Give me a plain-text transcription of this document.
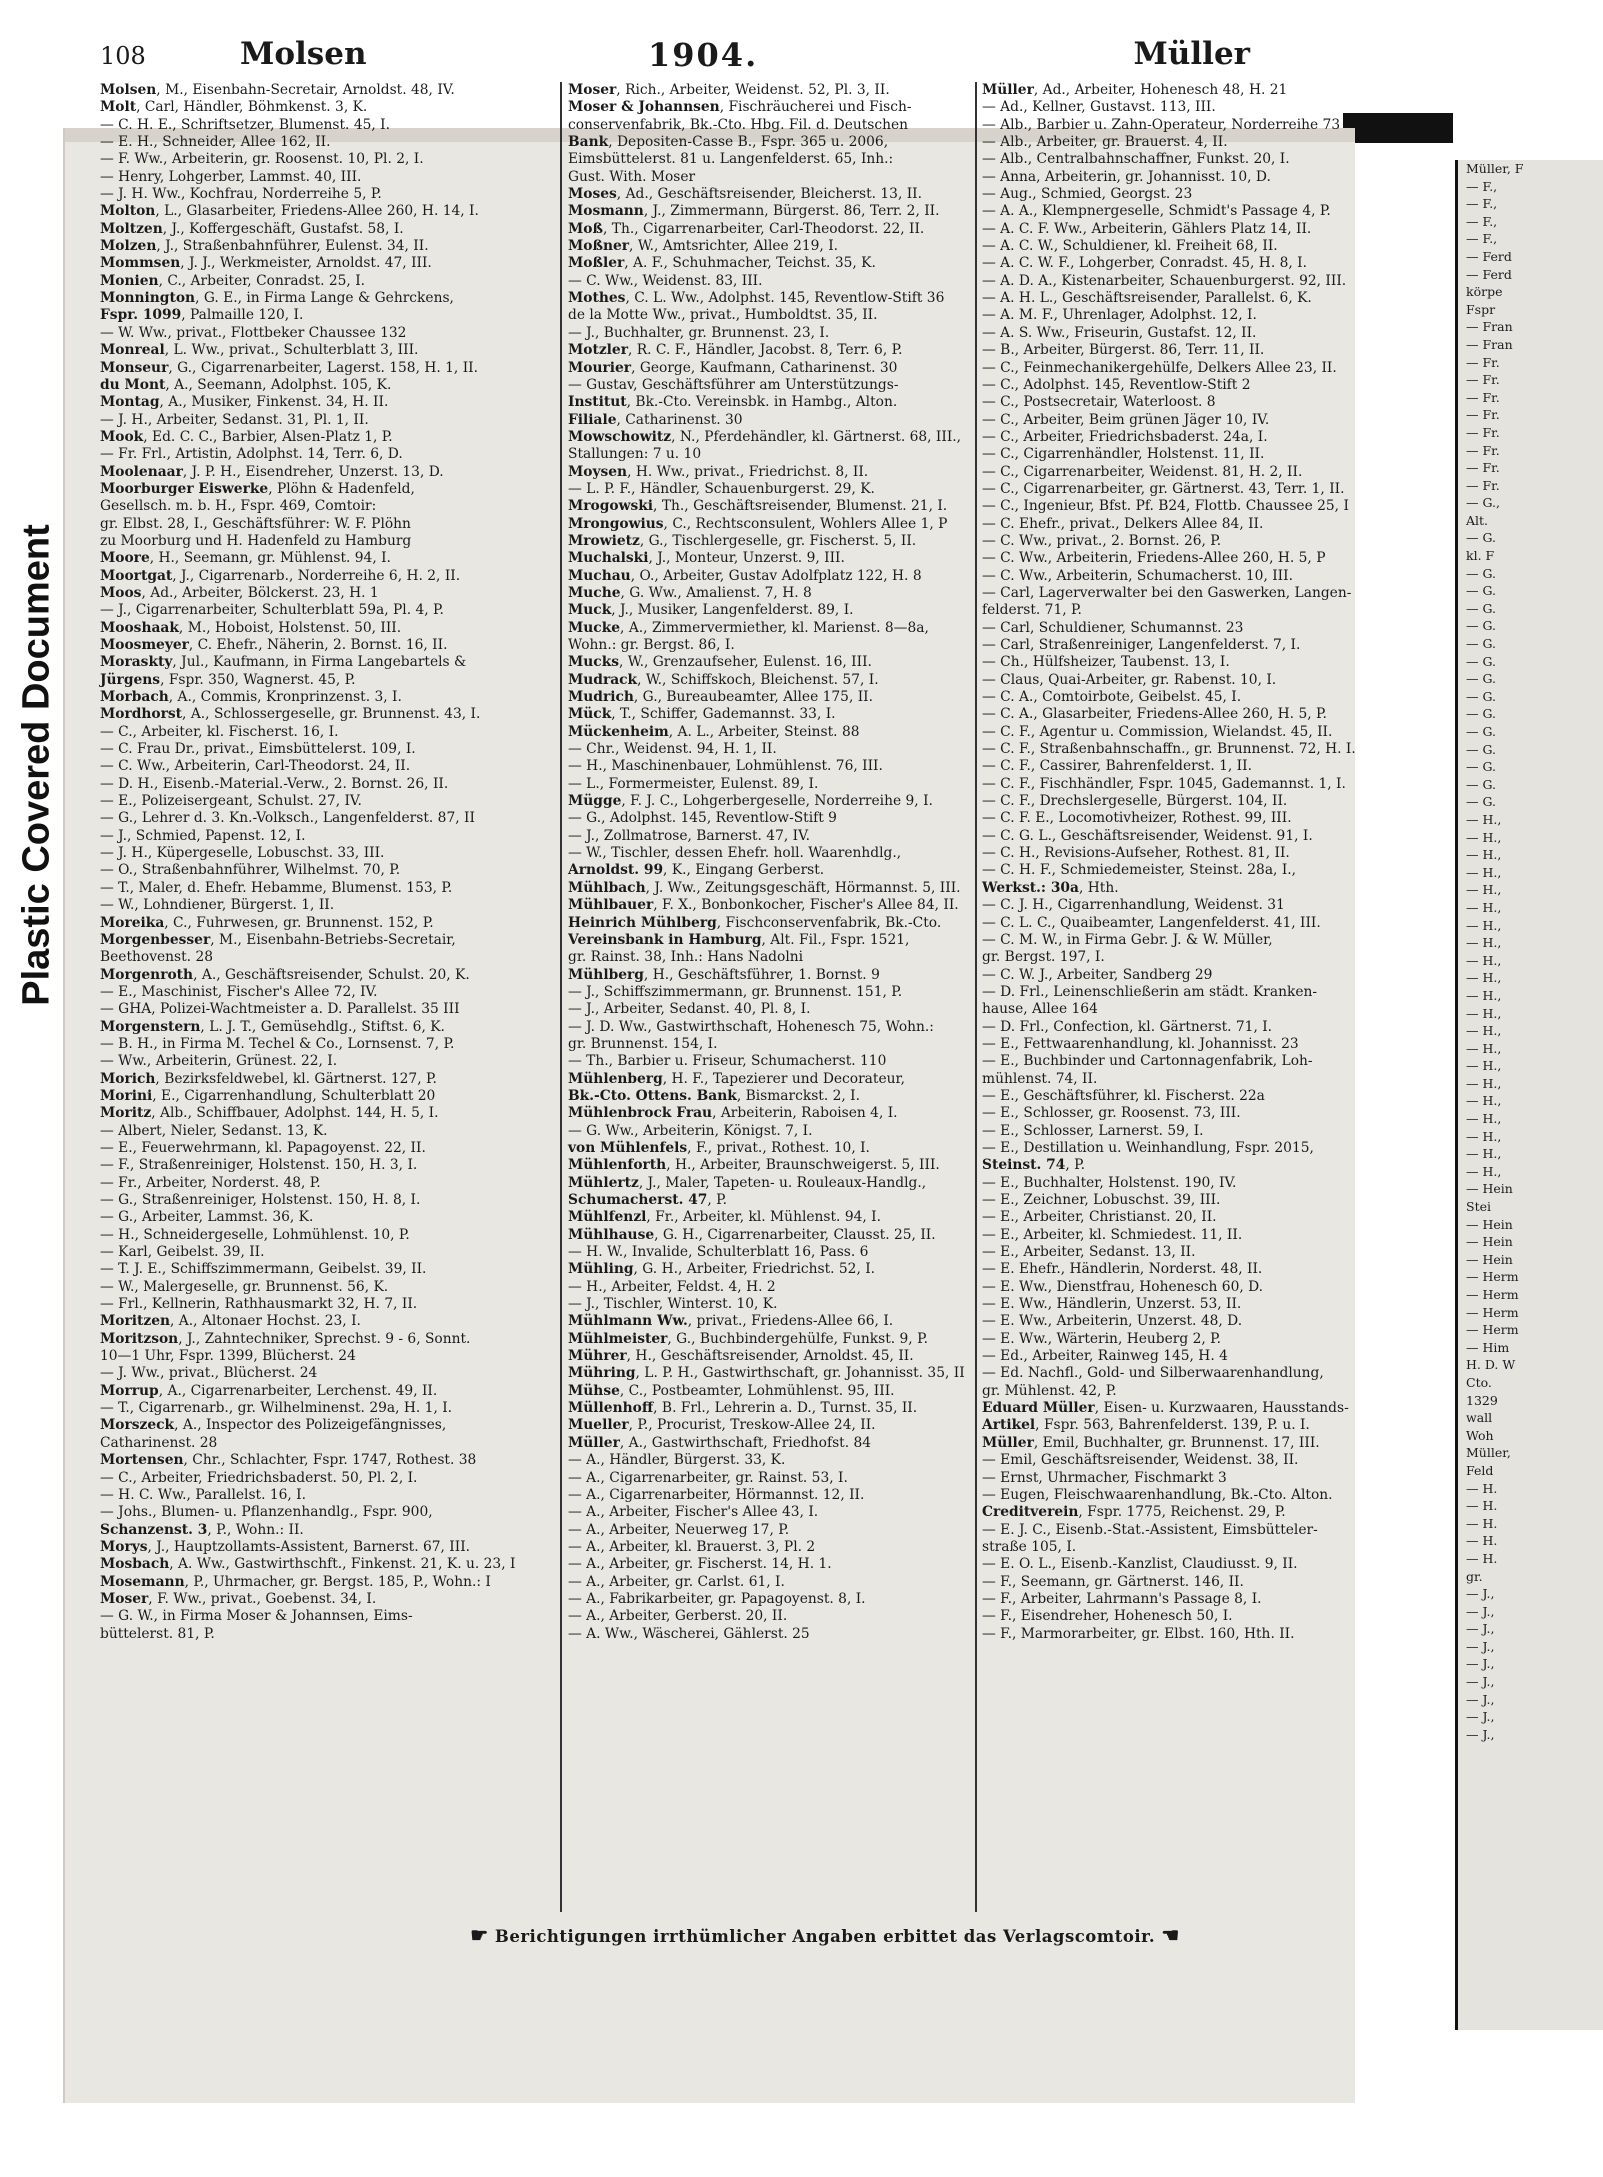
Plastic Covered Document
108	Molsen	1904.	Müller
Molsen, M., Eisenbahn-Secretair, Arnoldst. 48, IV.
Molt, Carl, Händler, Böhmkenst. 3, K.
— C. H. E., Schriftsetzer, Blumenst. 45, I.
— E. H., Schneider, Allee 162, II.
— F. Ww., Arbeiterin, gr. Roosenst. 10, Pl. 2, I.
— Henry, Lohgerber, Lammst. 40, III.
— J. H. Ww., Kochfrau, Norderreihe 5, P.
Molton, L., Glasarbeiter, Friedens-Allee 260, H. 14, I.
Moltzen, J., Koffergeschäft, Gustafst. 58, I.
Molzen, J., Straßenbahnführer, Eulenst. 34, II.
Mommsen, J. J., Werkmeister, Arnoldst. 47, III.
Monien, C., Arbeiter, Conradst. 25, I.
Monnington, G. E., in Firma Lange & Gehrckens,
Fspr. 1099, Palmaille 120, I.
— W. Ww., privat., Flottbeker Chaussee 132
Monreal, L. Ww., privat., Schulterblatt 3, III.
Monseur, G., Cigarrenarbeiter, Lagerst. 158, H. 1, II.
du Mont, A., Seemann, Adolphst. 105, K.
Montag, A., Musiker, Finkenst. 34, H. II.
— J. H., Arbeiter, Sedanst. 31, Pl. 1, II.
Mook, Ed. C. C., Barbier, Alsen-Platz 1, P.
— Fr. Frl., Artistin, Adolphst. 14, Terr. 6, D.
Moolenaar, J. P. H., Eisendreher, Unzerst. 13, D.
Moorburger Eiswerke, Plöhn & Hadenfeld,
Gesellsch. m. b. H., Fspr. 469, Comtoir:
gr. Elbst. 28, I., Geschäftsführer: W. F. Plöhn
zu Moorburg und H. Hadenfeld zu Hamburg
Moore, H., Seemann, gr. Mühlenst. 94, I.
Moortgat, J., Cigarrenarb., Norderreihe 6, H. 2, II.
Moos, Ad., Arbeiter, Bölckerst. 23, H. 1
— J., Cigarrenarbeiter, Schulterblatt 59a, Pl. 4, P.
Mooshaak, M., Hoboist, Holstenst. 50, III.
Moosmeyer, C. Ehefr., Näherin, 2. Bornst. 16, II.
Moraskty, Jul., Kaufmann, in Firma Langebartels &
Jürgens, Fspr. 350, Wagnerst. 45, P.
Morbach, A., Commis, Kronprinzenst. 3, I.
Mordhorst, A., Schlossergeselle, gr. Brunnenst. 43, I.
— C., Arbeiter, kl. Fischerst. 16, I.
— C. Frau Dr., privat., Eimsbüttelerst. 109, I.
— C. Ww., Arbeiterin, Carl-Theodorst. 24, II.
— D. H., Eisenb.-Material.-Verw., 2. Bornst. 26, II.
— E., Polizeisergeant, Schulst. 27, IV.
— G., Lehrer d. 3. Kn.-Volksch., Langenfelderst. 87, II
— J., Schmied, Papenst. 12, I.
— J. H., Küpergeselle, Lobuschst. 33, III.
— O., Straßenbahnführer, Wilhelmst. 70, P.
— T., Maler, d. Ehefr. Hebamme, Blumenst. 153, P.
— W., Lohndiener, Bürgerst. 1, II.
Moreika, C., Fuhrwesen, gr. Brunnenst. 152, P.
Morgenbesser, M., Eisenbahn-Betriebs-Secretair,
Beethovenst. 28
Morgenroth, A., Geschäftsreisender, Schulst. 20, K.
— E., Maschinist, Fischer's Allee 72, IV.
— GHA, Polizei-Wachtmeister a. D. Parallelst. 35 III
Morgenstern, L. J. T., Gemüsehdlg., Stiftst. 6, K.
— B. H., in Firma M. Techel & Co., Lornsenst. 7, P.
— Ww., Arbeiterin, Grünest. 22, I.
Morich, Bezirksfeldwebel, kl. Gärtnerst. 127, P.
Morini, E., Cigarrenhandlung, Schulterblatt 20
Moritz, Alb., Schiffbauer, Adolphst. 144, H. 5, I.
— Albert, Nieler, Sedanst. 13, K.
— E., Feuerwehrmann, kl. Papagoyenst. 22, II.
— F., Straßenreiniger, Holstenst. 150, H. 3, I.
— Fr., Arbeiter, Norderst. 48, P.
— G., Straßenreiniger, Holstenst. 150, H. 8, I.
— G., Arbeiter, Lammst. 36, K.
— H., Schneidergeselle, Lohmühlenst. 10, P.
— Karl, Geibelst. 39, II.
— T. J. E., Schiffszimmermann, Geibelst. 39, II.
— W., Malergeselle, gr. Brunnenst. 56, K.
— Frl., Kellnerin, Rathhausmarkt 32, H. 7, II.
Moritzen, A., Altonaer Hochst. 23, I.
Moritzson, J., Zahntechniker, Sprechst. 9 - 6, Sonnt.
10—1 Uhr, Fspr. 1399, Blücherst. 24
— J. Ww., privat., Blücherst. 24
Morrup, A., Cigarrenarbeiter, Lerchenst. 49, II.
— T., Cigarrenarb., gr. Wilhelminenst. 29a, H. 1, I.
Morszeck, A., Inspector des Polizeigefängnisses,
Catharinenst. 28
Mortensen, Chr., Schlachter, Fspr. 1747, Rothest. 38
— C., Arbeiter, Friedrichsbaderst. 50, Pl. 2, I.
— H. C. Ww., Parallelst. 16, I.
— Johs., Blumen- u. Pflanzenhandlg., Fspr. 900,
Schanzenst. 3, P., Wohn.: II.
Morys, J., Hauptzollamts-Assistent, Barnerst. 67, III.
Mosbach, A. Ww., Gastwirthschft., Finkenst. 21, K. u. 23, I
Mosemann, P., Uhrmacher, gr. Bergst. 185, P., Wohn.: I
Moser, F. Ww., privat., Goebenst. 34, I.
— G. W., in Firma Moser & Johannsen, Eims-
büttelerst. 81, P.
Moser, Rich., Arbeiter, Weidenst. 52, Pl. 3, II.
Moser & Johannsen, Fischräucherei und Fisch-
conservenfabrik, Bk.-Cto. Hbg. Fil. d. Deutschen
Bank, Depositen-Casse B., Fspr. 365 u. 2006,
Eimsbüttelerst. 81 u. Langenfelderst. 65, Inh.:
Gust. With. Moser
Moses, Ad., Geschäftsreisender, Bleicherst. 13, II.
Mosmann, J., Zimmermann, Bürgerst. 86, Terr. 2, II.
Moß, Th., Cigarrenarbeiter, Carl-Theodorst. 22, II.
Moßner, W., Amtsrichter, Allee 219, I.
Moßler, A. F., Schuhmacher, Teichst. 35, K.
— C. Ww., Weidenst. 83, III.
Mothes, C. L. Ww., Adolphst. 145, Reventlow-Stift 36
de la Motte Ww., privat., Humboldtst. 35, II.
— J., Buchhalter, gr. Brunnenst. 23, I.
Motzler, R. C. F., Händler, Jacobst. 8, Terr. 6, P.
Mourier, George, Kaufmann, Catharinenst. 30
— Gustav, Geschäftsführer am Unterstützungs-
Institut, Bk.-Cto. Vereinsbk. in Hambg., Alton.
Filiale, Catharinenst. 30
Mowschowitz, N., Pferdehändler, kl. Gärtnerst. 68, III.,
Stallungen: 7 u. 10
Moysen, H. Ww., privat., Friedrichst. 8, II.
— L. P. F., Händler, Schauenburgerst. 29, K.
Mrogowski, Th., Geschäftsreisender, Blumenst. 21, I.
Mrongowius, C., Rechtsconsulent, Wohlers Allee 1, P
Mrowietz, G., Tischlergeselle, gr. Fischerst. 5, II.
Muchalski, J., Monteur, Unzerst. 9, III.
Muchau, O., Arbeiter, Gustav Adolfplatz 122, H. 8
Muche, G. Ww., Amalienst. 7, H. 8
Muck, J., Musiker, Langenfelderst. 89, I.
Mucke, A., Zimmervermiether, kl. Marienst. 8—8a,
Wohn.: gr. Bergst. 86, I.
Mucks, W., Grenzaufseher, Eulenst. 16, III.
Mudrack, W., Schiffskoch, Bleichenst. 57, I.
Mudrich, G., Bureaubeamter, Allee 175, II.
Mück, T., Schiffer, Gademannst. 33, I.
Mückenheim, A. L., Arbeiter, Steinst. 88
— Chr., Weidenst. 94, H. 1, II.
— H., Maschinenbauer, Lohmühlenst. 76, III.
— L., Formermeister, Eulenst. 89, I.
Mügge, F. J. C., Lohgerbergeselle, Norderreihe 9, I.
— G., Adolphst. 145, Reventlow-Stift 9
— J., Zollmatrose, Barnerst. 47, IV.
— W., Tischler, dessen Ehefr. holl. Waarenhdlg.,
Arnoldst. 99, K., Eingang Gerberst.
Mühlbach, J. Ww., Zeitungsgeschäft, Hörmannst. 5, III.
Mühlbauer, F. X., Bonbonkocher, Fischer's Allee 84, II.
Heinrich Mühlberg, Fischconservenfabrik, Bk.-Cto.
Vereinsbank in Hamburg, Alt. Fil., Fspr. 1521,
gr. Rainst. 38, Inh.: Hans Nadolni
Mühlberg, H., Geschäftsführer, 1. Bornst. 9
— J., Schiffszimmermann, gr. Brunnenst. 151, P.
— J., Arbeiter, Sedanst. 40, Pl. 8, I.
— J. D. Ww., Gastwirthschaft, Hohenesch 75, Wohn.:
gr. Brunnenst. 154, I.
— Th., Barbier u. Friseur, Schumacherst. 110
Mühlenberg, H. F., Tapezierer und Decorateur,
Bk.-Cto. Ottens. Bank, Bismarckst. 2, I.
Mühlenbrock Frau, Arbeiterin, Raboisen 4, I.
— G. Ww., Arbeiterin, Königst. 7, I.
von Mühlenfels, F., privat., Rothest. 10, I.
Mühlenforth, H., Arbeiter, Braunschweigerst. 5, III.
Mühlertz, J., Maler, Tapeten- u. Rouleaux-Handlg.,
Schumacherst. 47, P.
Mühlfenzl, Fr., Arbeiter, kl. Mühlenst. 94, I.
Mühlhause, G. H., Cigarrenarbeiter, Clausst. 25, II.
— H. W., Invalide, Schulterblatt 16, Pass. 6
Mühling, G. H., Arbeiter, Friedrichst. 52, I.
— H., Arbeiter, Feldst. 4, H. 2
— J., Tischler, Winterst. 10, K.
Mühlmann Ww., privat., Friedens-Allee 66, I.
Mühlmeister, G., Buchbindergehülfe, Funkst. 9, P.
Mührer, H., Geschäftsreisender, Arnoldst. 45, II.
Mühring, L. P. H., Gastwirthschaft, gr. Johannisst. 35, II
Mühse, C., Postbeamter, Lohmühlenst. 95, III.
Müllenhoff, B. Frl., Lehrerin a. D., Turnst. 35, II.
Mueller, P., Procurist, Treskow-Allee 24, II.
Müller, A., Gastwirthschaft, Friedhofst. 84
— A., Händler, Bürgerst. 33, K.
— A., Cigarrenarbeiter, gr. Rainst. 53, I.
— A., Cigarrenarbeiter, Hörmannst. 12, II.
— A., Arbeiter, Fischer's Allee 43, I.
— A., Arbeiter, Neuerweg 17, P.
— A., Arbeiter, kl. Brauerst. 3, Pl. 2
— A., Arbeiter, gr. Fischerst. 14, H. 1.
— A., Arbeiter, gr. Carlst. 61, I.
— A., Fabrikarbeiter, gr. Papagoyenst. 8, I.
— A., Arbeiter, Gerberst. 20, II.
— A. Ww., Wäscherei, Gählerst. 25
Müller, Ad., Arbeiter, Hohenesch 48, H. 21
— Ad., Kellner, Gustavst. 113, III.
— Alb., Barbier u. Zahn-Operateur, Norderreihe 73
— Alb., Arbeiter, gr. Brauerst. 4, II.
— Alb., Centralbahnschaffner, Funkst. 20, I.
— Anna, Arbeiterin, gr. Johannisst. 10, D.
— Aug., Schmied, Georgst. 23
— A. A., Klempnergeselle, Schmidt's Passage 4, P.
— A. C. F. Ww., Arbeiterin, Gählers Platz 14, II.
— A. C. W., Schuldiener, kl. Freiheit 68, II.
— A. C. W. F., Lohgerber, Conradst. 45, H. 8, I.
— A. D. A., Kistenarbeiter, Schauenburgerst. 92, III.
— A. H. L., Geschäftsreisender, Parallelst. 6, K.
— A. M. F., Uhrenlager, Adolphst. 12, I.
— A. S. Ww., Friseurin, Gustafst. 12, II.
— B., Arbeiter, Bürgerst. 86, Terr. 11, II.
— C., Feinmechanikergehülfe, Delkers Allee 23, II.
— C., Adolphst. 145, Reventlow-Stift 2
— C., Postsecretair, Waterloost. 8
— C., Arbeiter, Beim grünen Jäger 10, IV.
— C., Arbeiter, Friedrichsbaderst. 24a, I.
— C., Cigarrenhändler, Holstenst. 11, II.
— C., Cigarrenarbeiter, Weidenst. 81, H. 2, II.
— C., Cigarrenarbeiter, gr. Gärtnerst. 43, Terr. 1, II.
— C., Ingenieur, Bfst. Pf. B24, Flottb. Chaussee 25, I
— C. Ehefr., privat., Delkers Allee 84, II.
— C. Ww., privat., 2. Bornst. 26, P.
— C. Ww., Arbeiterin, Friedens-Allee 260, H. 5, P
— C. Ww., Arbeiterin, Schumacherst. 10, III.
— Carl, Lagerverwalter bei den Gaswerken, Langen-
felderst. 71, P.
— Carl, Schuldiener, Schumannst. 23
— Carl, Straßenreiniger, Langenfelderst. 7, I.
— Ch., Hülfsheizer, Taubenst. 13, I.
— Claus, Quai-Arbeiter, gr. Rabenst. 10, I.
— C. A., Comtoirbote, Geibelst. 45, I.
— C. A., Glasarbeiter, Friedens-Allee 260, H. 5, P.
— C. F., Agentur u. Commission, Wielandst. 45, II.
— C. F., Straßenbahnschaffn., gr. Brunnenst. 72, H. I.
— C. F., Cassirer, Bahrenfelderst. 1, II.
— C. F., Fischhändler, Fspr. 1045, Gademannst. 1, I.
— C. F., Drechslergeselle, Bürgerst. 104, II.
— C. F. E., Locomotivheizer, Rothest. 99, III.
— C. G. L., Geschäftsreisender, Weidenst. 91, I.
— C. H., Revisions-Aufseher, Rothest. 81, II.
— C. H. F., Schmiedemeister, Steinst. 28a, I.,
Werkst.: 30a, Hth.
— C. J. H., Cigarrenhandlung, Weidenst. 31
— C. L. C., Quaibeamter, Langenfelderst. 41, III.
— C. M. W., in Firma Gebr. J. & W. Müller,
gr. Bergst. 197, I.
— C. W. J., Arbeiter, Sandberg 29
— D. Frl., Leinenschließerin am städt. Kranken-
hause, Allee 164
— D. Frl., Confection, kl. Gärtnerst. 71, I.
— E., Fettwaarenhandlung, kl. Johannisst. 23
— E., Buchbinder und Cartonnagenfabrik, Loh-
mühlenst. 74, II.
— E., Geschäftsführer, kl. Fischerst. 22a
— E., Schlosser, gr. Roosenst. 73, III.
— E., Schlosser, Larnerst. 59, I.
— E., Destillation u. Weinhandlung, Fspr. 2015,
Steinst. 74, P.
— E., Buchhalter, Holstenst. 190, IV.
— E., Zeichner, Lobuschst. 39, III.
— E., Arbeiter, Christianst. 20, II.
— E., Arbeiter, kl. Schmiedest. 11, II.
— E., Arbeiter, Sedanst. 13, II.
— E. Ehefr., Händlerin, Norderst. 48, II.
— E. Ww., Dienstfrau, Hohenesch 60, D.
— E. Ww., Händlerin, Unzerst. 53, II.
— E. Ww., Arbeiterin, Unzerst. 48, D.
— E. Ww., Wärterin, Heuberg 2, P.
— Ed., Arbeiter, Rainweg 145, H. 4
— Ed. Nachfl., Gold- und Silberwaarenhandlung,
gr. Mühlenst. 42, P.
Eduard Müller, Eisen- u. Kurzwaaren, Hausstands-
Artikel, Fspr. 563, Bahrenfelderst. 139, P. u. I.
Müller, Emil, Buchhalter, gr. Brunnenst. 17, III.
— Emil, Geschäftsreisender, Weidenst. 38, II.
— Ernst, Uhrmacher, Fischmarkt 3
— Eugen, Fleischwaarenhandlung, Bk.-Cto. Alton.
Creditverein, Fspr. 1775, Reichenst. 29, P.
— E. J. C., Eisenb.-Stat.-Assistent, Eimsbütteler-
straße 105, I.
— E. O. L., Eisenb.-Kanzlist, Claudiusst. 9, II.
— F., Seemann, gr. Gärtnerst. 146, II.
— F., Arbeiter, Lahrmann's Passage 8, I.
— F., Eisendreher, Hohenesch 50, I.
— F., Marmorarbeiter, gr. Elbst. 160, Hth. II.
Müller, F
— F.,
— F.,
— F.,
— F.,
— Ferd
— Ferd
körpe
Fspr
— Fran
— Fran
— Fr.
— Fr.
— Fr.
— Fr.
— Fr.
— Fr.
— Fr.
— Fr.
— G.,
Alt.
— G.
kl. F
— G.
— G.
— G.
— G.
— G.
— G.
— G.
— G.
— G.
— G.
— G.
— G.
— G.
— G.
— H.,
— H.,
— H.,
— H.,
— H.,
— H.,
— H.,
— H.,
— H.,
— H.,
— H.,
— H.,
— H.,
— H.,
— H.,
— H.,
— H.,
— H.,
— H.,
— H.,
— H.,
— Hein
Stei
— Hein
— Hein
— Hein
— Herm
— Herm
— Herm
— Herm
— Him
H. D. W
Cto.
1329
wall
Woh
Müller,
Feld
— H.
— H.
— H.
— H.
— H.
gr.
— J.,
— J.,
— J.,
— J.,
— J.,
— J.,
— J.,
— J.,
— J.,
☛ Berichtigungen irrthümlicher Angaben erbittet das Verlagscomtoir. ☚
